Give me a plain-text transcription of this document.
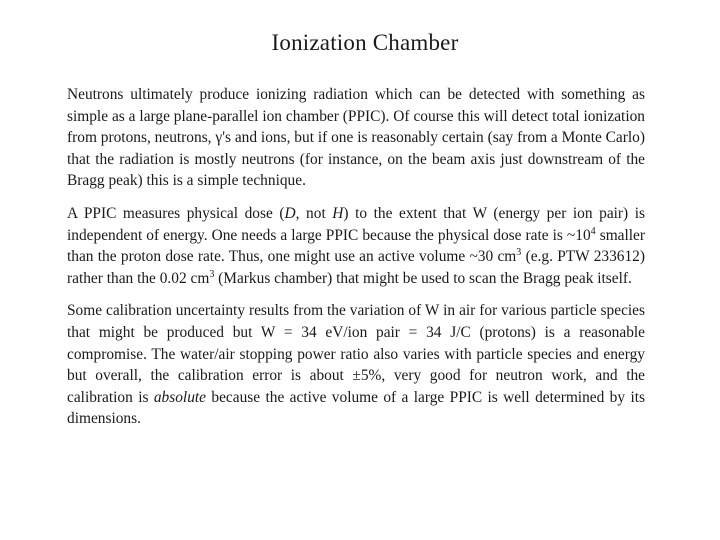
Ionization Chamber

Neutrons ultimately produce ionizing radiation which can be detected with something as simple as a large plane-parallel ion chamber (PPIC). Of course this will detect total ionization from protons, neutrons, γ's and ions, but if one is reasonably certain (say from a Monte Carlo) that the radiation is mostly neutrons (for instance, on the beam axis just downstream of the Bragg peak) this is a simple technique.

A PPIC measures physical dose (D, not H) to the extent that W (energy per ion pair) is independent of energy. One needs a large PPIC because the physical dose rate is $\sim 10^4$ smaller than the proton dose rate. Thus, one might use an active volume ~30 $cm^3$ (e.g. PTW 233612) rather than the 0.02 $cm^3$ (Markus chamber) that might be used to scan the Bragg peak itself.

Some calibration uncertainty results from the variation of W in air for various particle species that might be produced but W = 34 eV/ion pair = 34 J/C (protons) is a reasonable compromise. The water/air stopping power ratio also varies with particle species and energy but overall, the calibration error is about ±5%, very good for neutron work, and the calibration is absolute because the active volume of a large PPIC is well determined by its dimensions.
